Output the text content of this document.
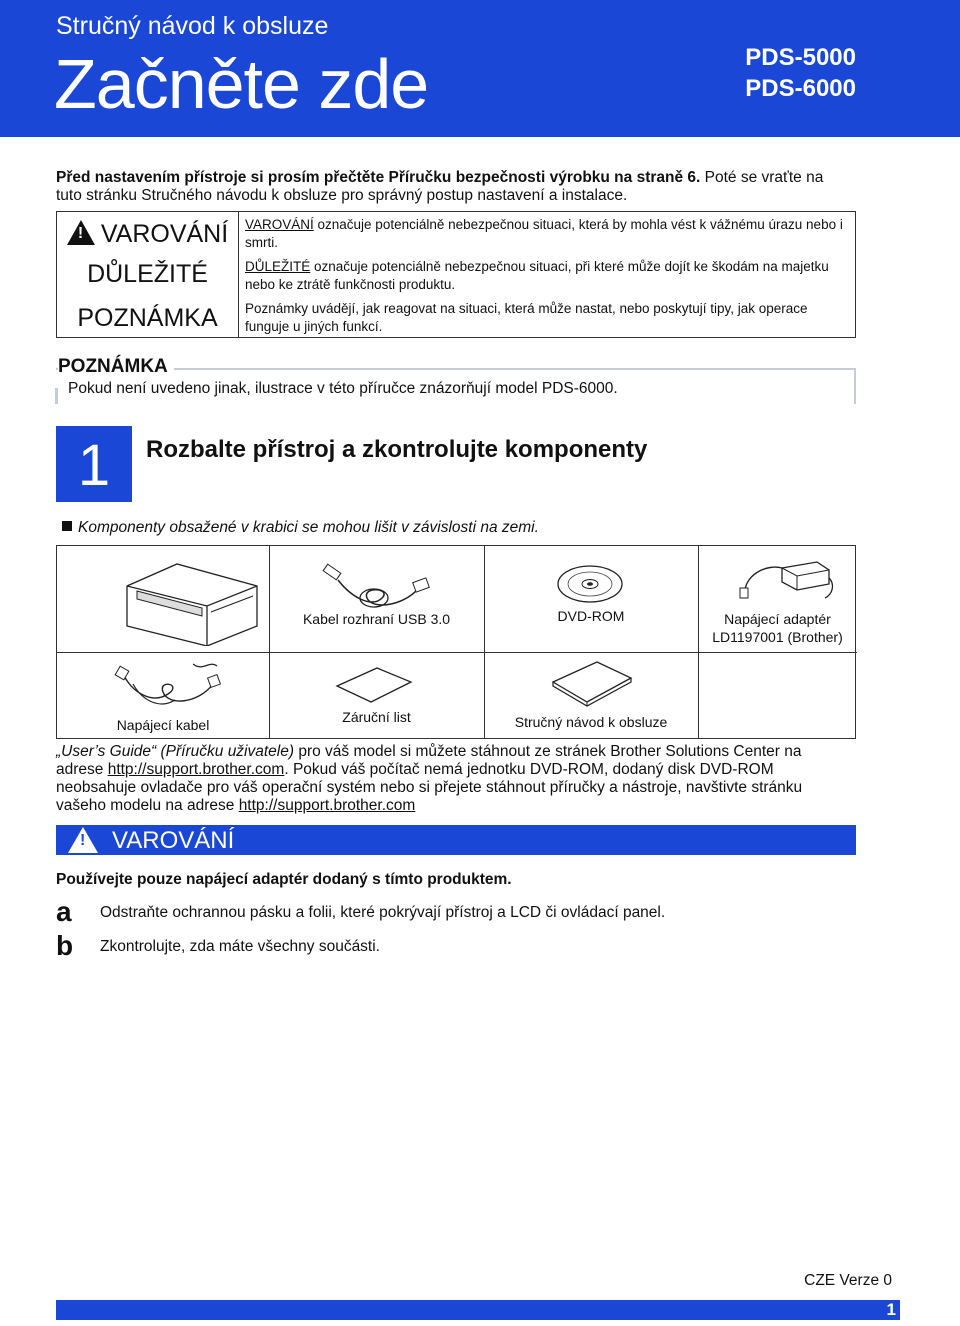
Stručný návod k obsluze
Začněte zde	PDS-5000
PDS-6000
Před nastavením přístroje si prosím přečtěte Příručku bezpečnosti výrobku na straně 6. Poté se vraťte na
tuto stránku Stručného návodu k obsluze pro správný postup nastavení a instalace.
! VAROVÁNÍ	VAROVÁNÍ označuje potenciálně nebezpečnou situaci, která by mohla vést k vážnému úrazu nebo i smrti.
DŮLEŽITÉ	DŮLEŽITÉ označuje potenciálně nebezpečnou situaci, při které může dojít ke škodám na majetku nebo ke ztrátě funkčnosti produktu.
POZNÁMKA	Poznámky uvádějí, jak reagovat na situaci, která může nastat, nebo poskytují tipy, jak operace funguje u jiných funkcí.
Pokud není uvedeno jinak, ilustrace v této příručce znázorňují model PDS-6000.
POZNÁMKA
1	Rozbalte přístroj a zkontrolujte komponenty
Komponenty obsažené v krabici se mohou lišit v závislosti na zemi.
Kabel rozhraní USB 3.0	DVD-ROM	Napájecí adaptér
LD1197001 (Brother)
Napájecí kabel	Záruční list	Stručný návod k obsluze
„User’s Guide“ (Příručku uživatele) pro váš model si můžete stáhnout ze stránek Brother Solutions Center na adrese http://support.brother.com. Pokud váš počítač nemá jednotku DVD-ROM, dodaný disk DVD-ROM neobsahuje ovladače pro váš operační systém nebo si přejete stáhnout příručky a nástroje, navštivte stránku vašeho modelu na adrese http://support.brother.com
! VAROVÁNÍ
Používejte pouze napájecí adaptér dodaný s tímto produktem.
a Odstraňte ochrannou pásku a folii, které pokrývají přístroj a LCD či ovládací panel.
b Zkontrolujte, zda máte všechny součásti.
CZE Verze 0
1
